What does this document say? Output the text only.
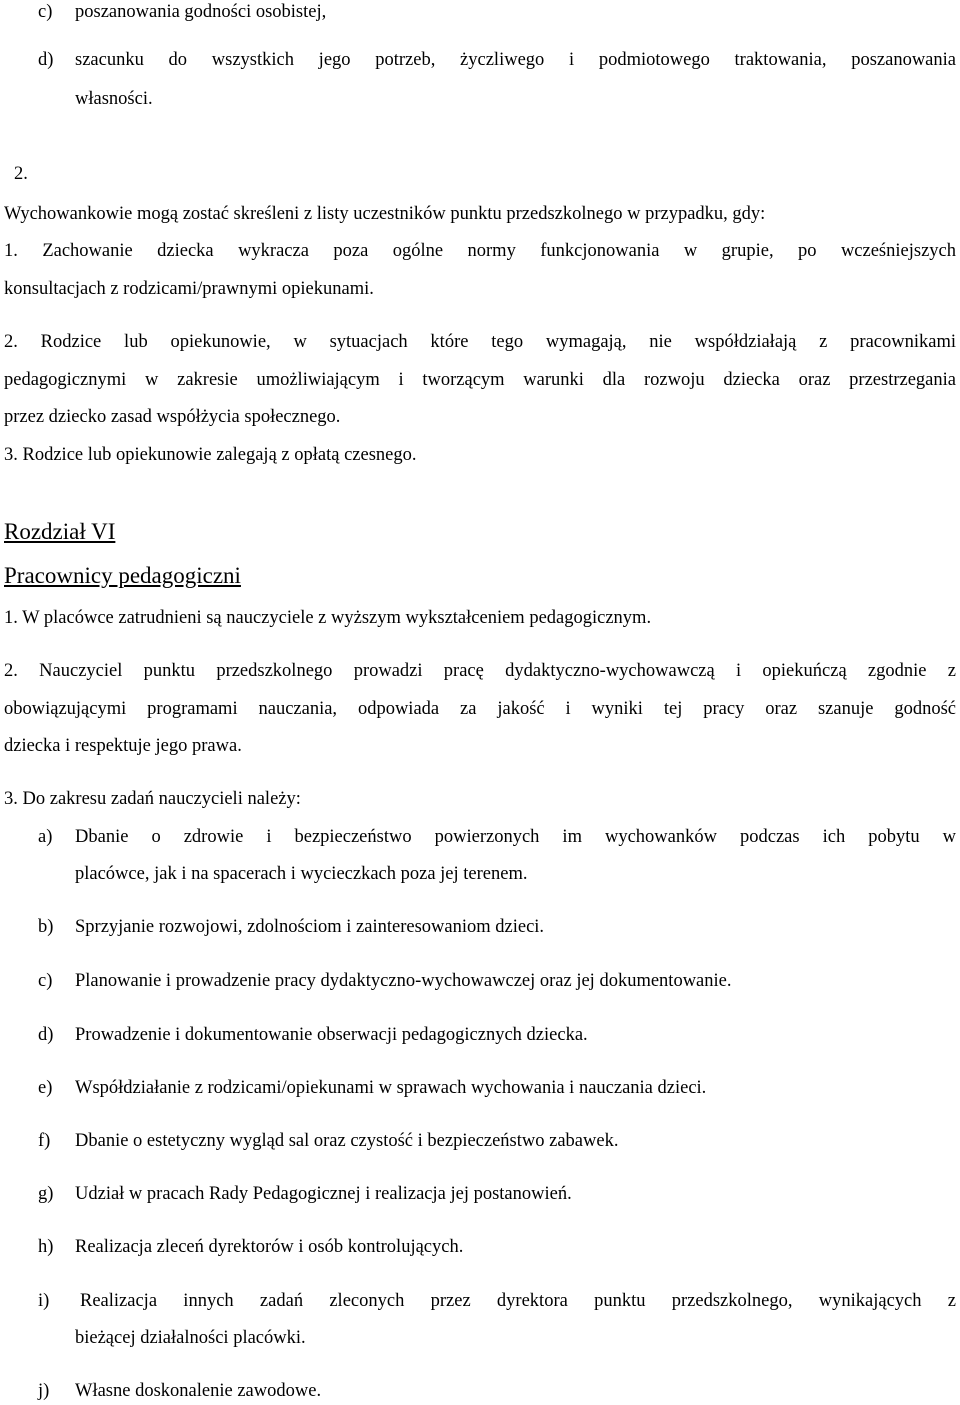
c) poszanowania godności osobistej,
d) szacunku do wszystkich jego potrzeb, życzliwego i podmiotowego traktowania, poszanowania
własności.
2.
Wychowankowie mogą zostać skreśleni z listy uczestników punktu przedszkolnego w przypadku, gdy:
1. Zachowanie dziecka wykracza poza ogólne normy funkcjonowania w grupie, po wcześniejszych
konsultacjach z rodzicami/prawnymi opiekunami.
2. Rodzice lub opiekunowie, w sytuacjach które tego wymagają, nie współdziałają z pracownikami
pedagogicznymi w zakresie umożliwiającym i tworzącym warunki dla rozwoju dziecka oraz przestrzegania
przez dziecko zasad współżycia społecznego.
3. Rodzice lub opiekunowie zalegają z opłatą czesnego.
Rozdział VI
Pracownicy pedagogiczni
1. W placówce zatrudnieni są nauczyciele z wyższym wykształceniem pedagogicznym.
2. Nauczyciel punktu przedszkolnego prowadzi pracę dydaktyczno-wychowawczą i opiekuńczą zgodnie z
obowiązującymi programami nauczania, odpowiada za jakość i wyniki tej pracy oraz szanuje godność
dziecka i respektuje jego prawa.
3. Do zakresu zadań nauczycieli należy:
a) Dbanie o zdrowie i bezpieczeństwo powierzonych im wychowanków podczas ich pobytu w
placówce, jak i na spacerach i wycieczkach poza jej terenem.
b) Sprzyjanie rozwojowi, zdolnościom i zainteresowaniom dzieci.
c) Planowanie i prowadzenie pracy dydaktyczno-wychowawczej oraz jej dokumentowanie.
d) Prowadzenie i dokumentowanie obserwacji pedagogicznych dziecka.
e) Współdziałanie z rodzicami/opiekunami w sprawach wychowania i nauczania dzieci.
f) Dbanie o estetyczny wygląd sal oraz czystość i bezpieczeństwo zabawek.
g) Udział w pracach Rady Pedagogicznej i realizacja jej postanowień.
h) Realizacja zleceń dyrektorów i osób kontrolujących.
i) Realizacja innych zadań zleconych przez dyrektora punktu przedszkolnego, wynikających z
bieżącej działalności placówki.
j) Własne doskonalenie zawodowe.
